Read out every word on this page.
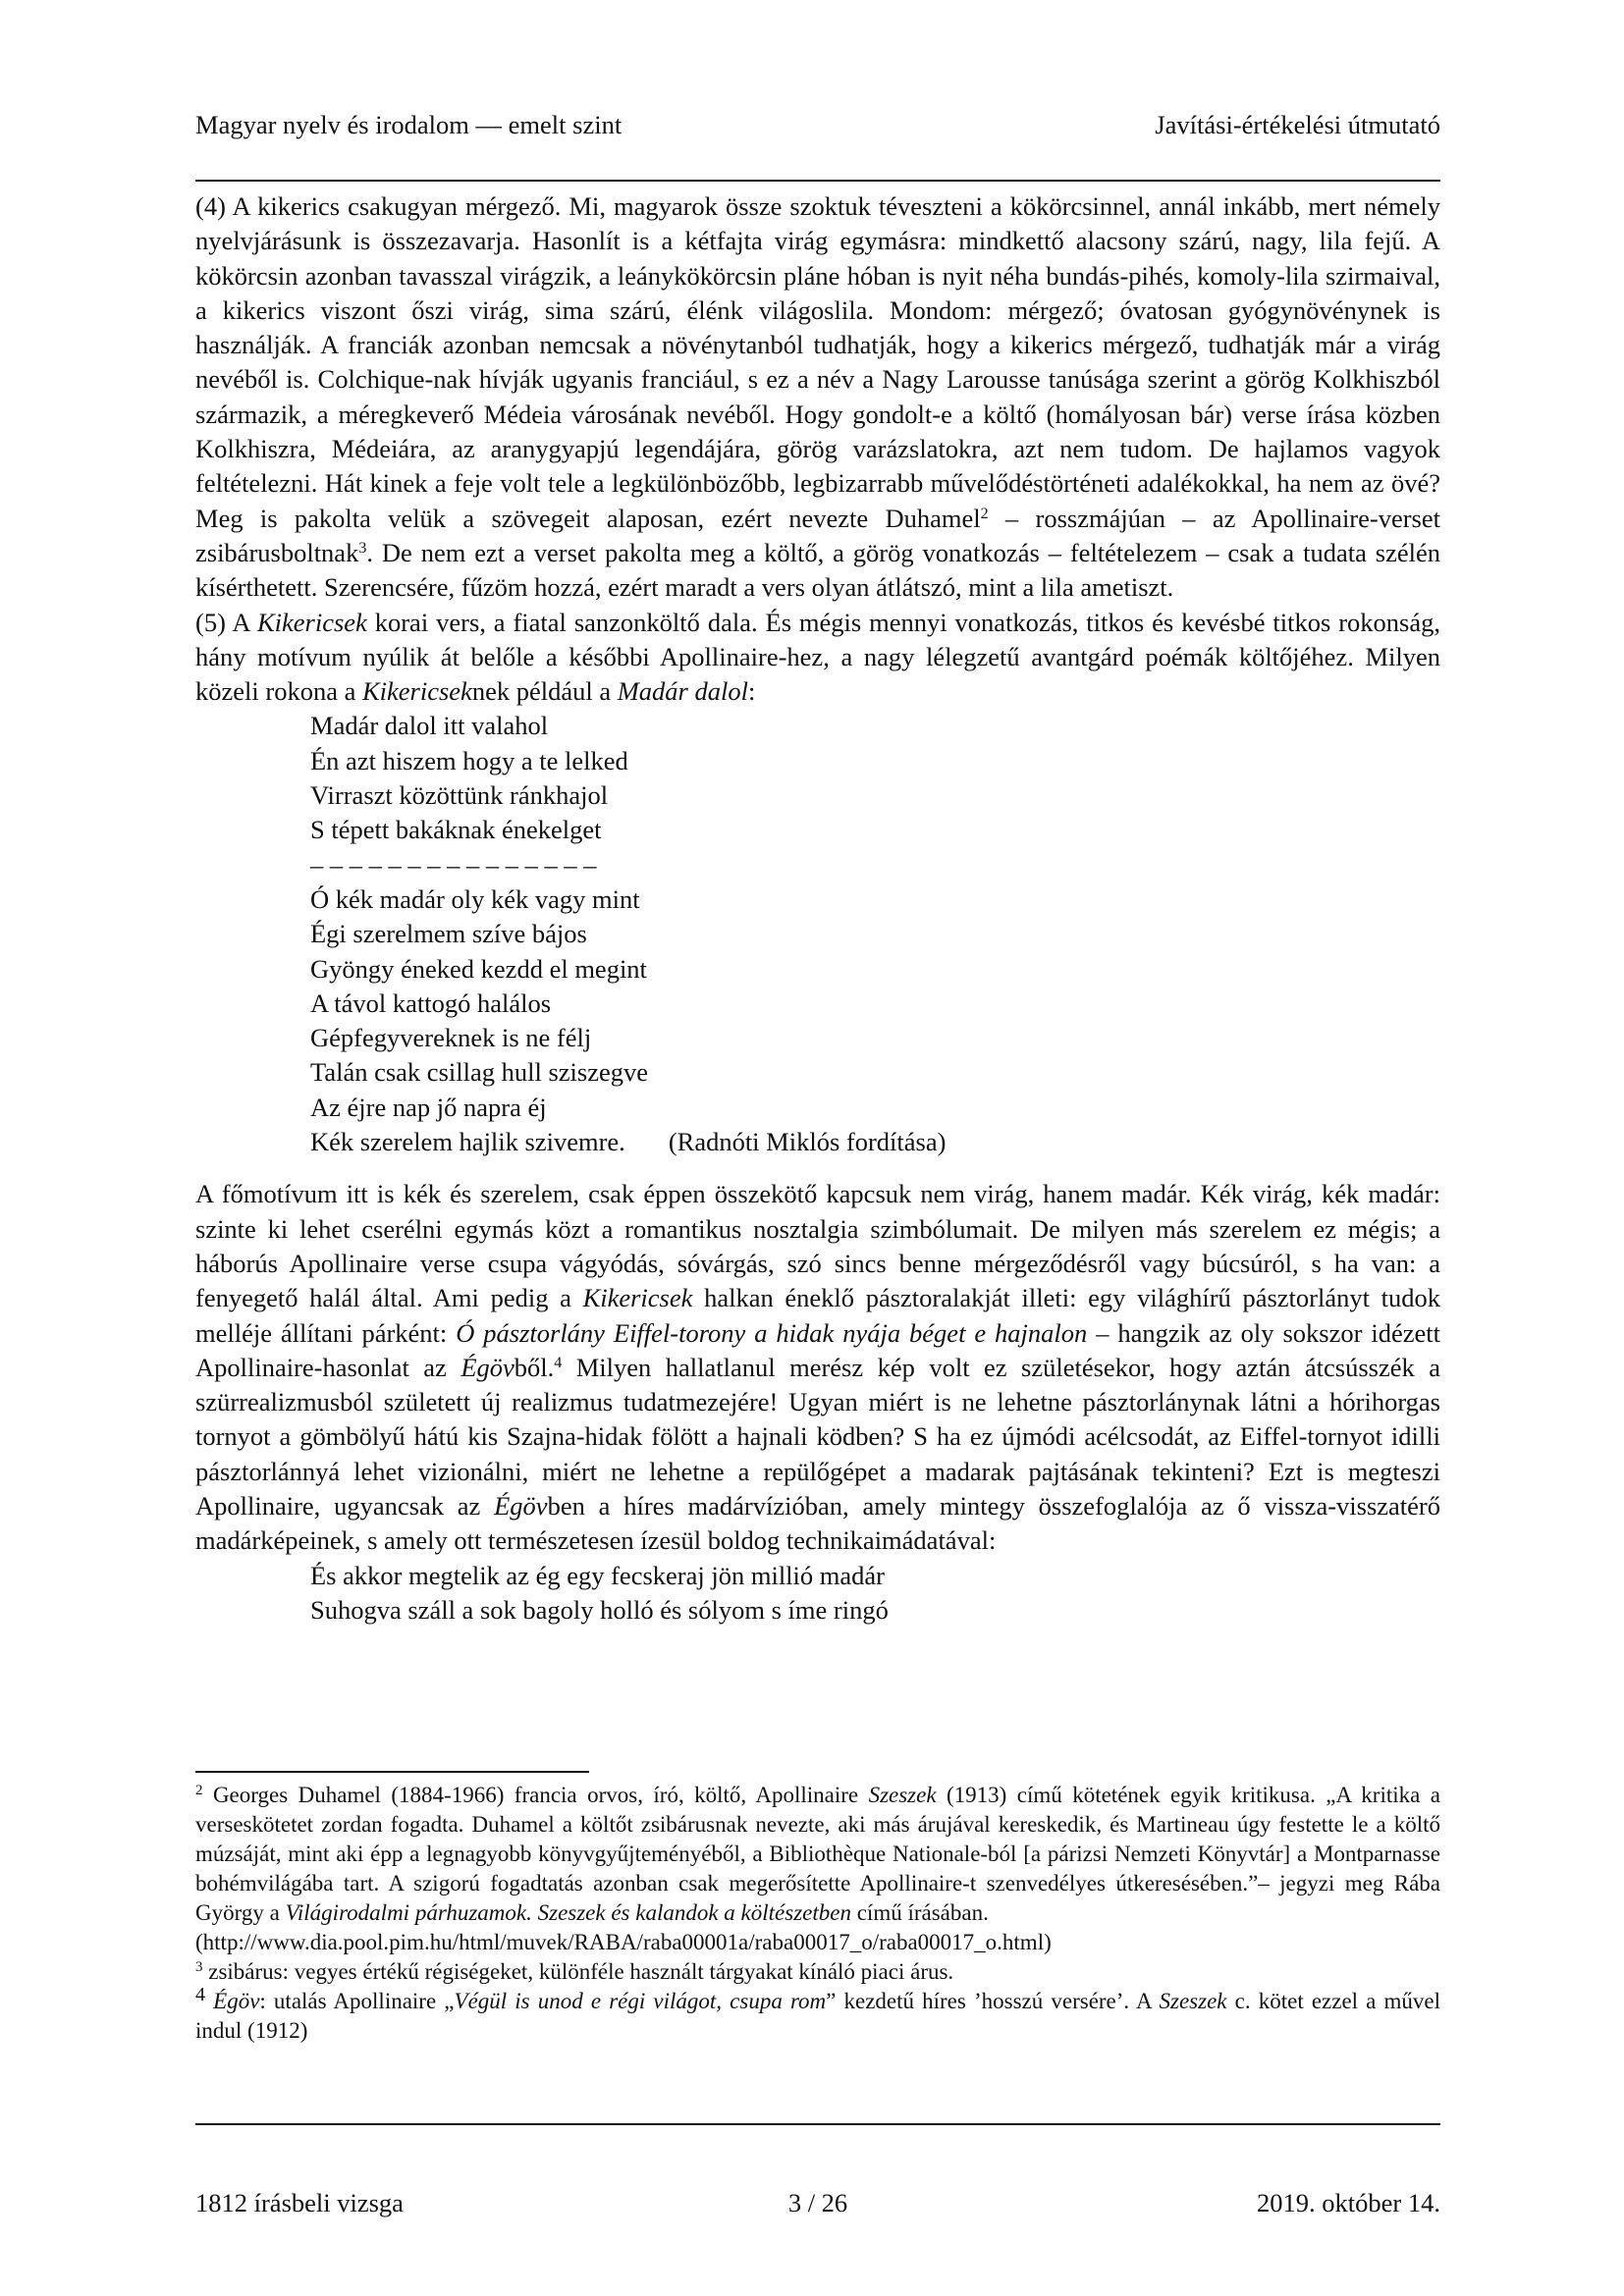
Magyar nyelv és irodalom — emelt szint	Javítási-értékelési útmutató

(4) A kikerics csakugyan mérgező. Mi, magyarok össze szoktuk téveszteni a kökörcsinnel, annál inkább, mert némely nyelvjárásunk is összezavarja. Hasonlít is a kétfajta virág egymásra: mindkettő alacsony szárú, nagy, lila fejű. A kökörcsin azonban tavasszal virágzik, a leánykökörcsin pláne hóban is nyit néha bundás-pihés, komoly-lila szirmaival, a kikerics viszont őszi virág, sima szárú, élénk világoslila. Mondom: mérgező; óvatosan gyógynövénynek is használják. A franciák azonban nemcsak a növénytanból tudhatják, hogy a kikerics mérgező, tudhatják már a virág nevéből is. Colchique-nak hívják ugyanis franciául, s ez a név a Nagy Larousse tanúsága szerint a görög Kolkhiszból származik, a méregkeverő Médeia városának nevéből. Hogy gondolt-e a költő (homályosan bár) verse írása közben Kolkhiszra, Médeiára, az aranygyapjú legendájára, görög varázslatokra, azt nem tudom. De hajlamos vagyok feltételezni. Hát kinek a feje volt tele a legkülönbözőbb, legbizarrabb művelődéstörténeti adalékokkal, ha nem az övé? Meg is pakolta velük a szövegeit alaposan, ezért nevezte Duhamel$^2$ – rosszmájúan – az Apollinaire-verset zsibárusboltnak$^3$. De nem ezt a verset pakolta meg a költő, a görög vonatkozás – feltételezem – csak a tudata szélén kísérthetett. Szerencsére, fűzöm hozzá, ezért maradt a vers olyan átlátszó, mint a lila ametiszt.

(5) A Kikericsek korai vers, a fiatal sanzonköltő dala. És mégis mennyi vonatkozás, titkos és kevésbé titkos rokonság, hány motívum nyúlik át belőle a későbbi Apollinaire-hez, a nagy lélegzetű avantgárd poémák költőjéhez. Milyen közeli rokona a Kikericseknek például a Madár dalol:

Madár dalol itt valahol
Én azt hiszem hogy a te lelked
Virraszt közöttünk ránkhajol
S tépett bakáknak énekelget
– – – – – – – – – – – – – – –
Ó kék madár oly kék vagy mint
Égi szerelmem szíve bájos
Gyöngy éneked kezdd el megint
A távol kattogó halálos
Gépfegyvereknek is ne félj
Talán csak csillag hull sziszegve
Az éjre nap jő napra éj
Kék szerelem hajlik szivemre. (Radnóti Miklós fordítása)

A főmotívum itt is kék és szerelem, csak éppen összekötő kapcsuk nem virág, hanem madár. Kék virág, kék madár: szinte ki lehet cserélni egymás közt a romantikus nosztalgia szimbólumait. De milyen más szerelem ez mégis; a háborús Apollinaire verse csupa vágyódás, sóvárgás, szó sincs benne mérgeződésről vagy búcsúról, s ha van: a fenyegető halál által. Ami pedig a Kikericsek halkan éneklő pásztoralakját illeti: egy világhírű pásztorlányt tudok melléje állítani párként: Ó pásztorlány Eiffel-torony a hidak nyája béget e hajnalon – hangzik az oly sokszor idézett Apollinaire-hasonlat az Égövből.$^4$ Milyen hallatlanul merész kép volt ez születésekor, hogy aztán átcsússzék a szürrealizmusból született új realizmus tudatmezejére! Ugyan miért is ne lehetne pásztorlánynak látni a hórihorgas tornyot a gömbölyű hátú kis Szajna-hidak fölött a hajnali ködben? S ha ez újmódi acélcsodát, az Eiffel-tornyot idilli pásztorlánnyá lehet vizionálni, miért ne lehetne a repülőgépet a madarak pajtásának tekinteni? Ezt is megteszi Apollinaire, ugyancsak az Égövben a híres madárvízióban, amely mintegy összefoglalója az ő vissza-visszatérő madárképeinek, s amely ott természetesen ízesül boldog technikaimádatával:

És akkor megtelik az ég egy fecskeraj jön millió madár
Suhogva száll a sok bagoly holló és sólyom s íme ringó

$^2$ Georges Duhamel (1884-1966) francia orvos, író, költő, Apollinaire Szeszek (1913) című kötetének egyik kritikusa. „A kritika a verseskötetet zordan fogadta. Duhamel a költőt zsibárusnak nevezte, aki más árujával kereskedik, és Martineau úgy festette le a költő múzsáját, mint aki épp a legnagyobb könyvgyűjteményéből, a Bibliothèque Nationale-ból [a párizsi Nemzeti Könyvtár] a Montparnasse bohémvilágába tart. A szigorú fogadtatás azonban csak megerősítette Apollinaire-t szenvedélyes útkeresésében.”– jegyzi meg Rába György a Világirodalmi párhuzamok. Szeszek és kalandok a költészetben című írásában.

(http://www.dia.pool.pim.hu/html/muvek/RABA/raba00001a/raba00017_o/raba00017_o.html)

$^3$ zsibárus: vegyes értékű régiségeket, különféle használt tárgyakat kínáló piaci árus.

$^4$ Égöv: utalás Apollinaire „Végül is unod e régi világot, csupa rom” kezdetű híres ’hosszú versére’. A Szeszek c. kötet ezzel a művel indul (1912)

1812 írásbeli vizsga	3 / 26	2019. október 14.
